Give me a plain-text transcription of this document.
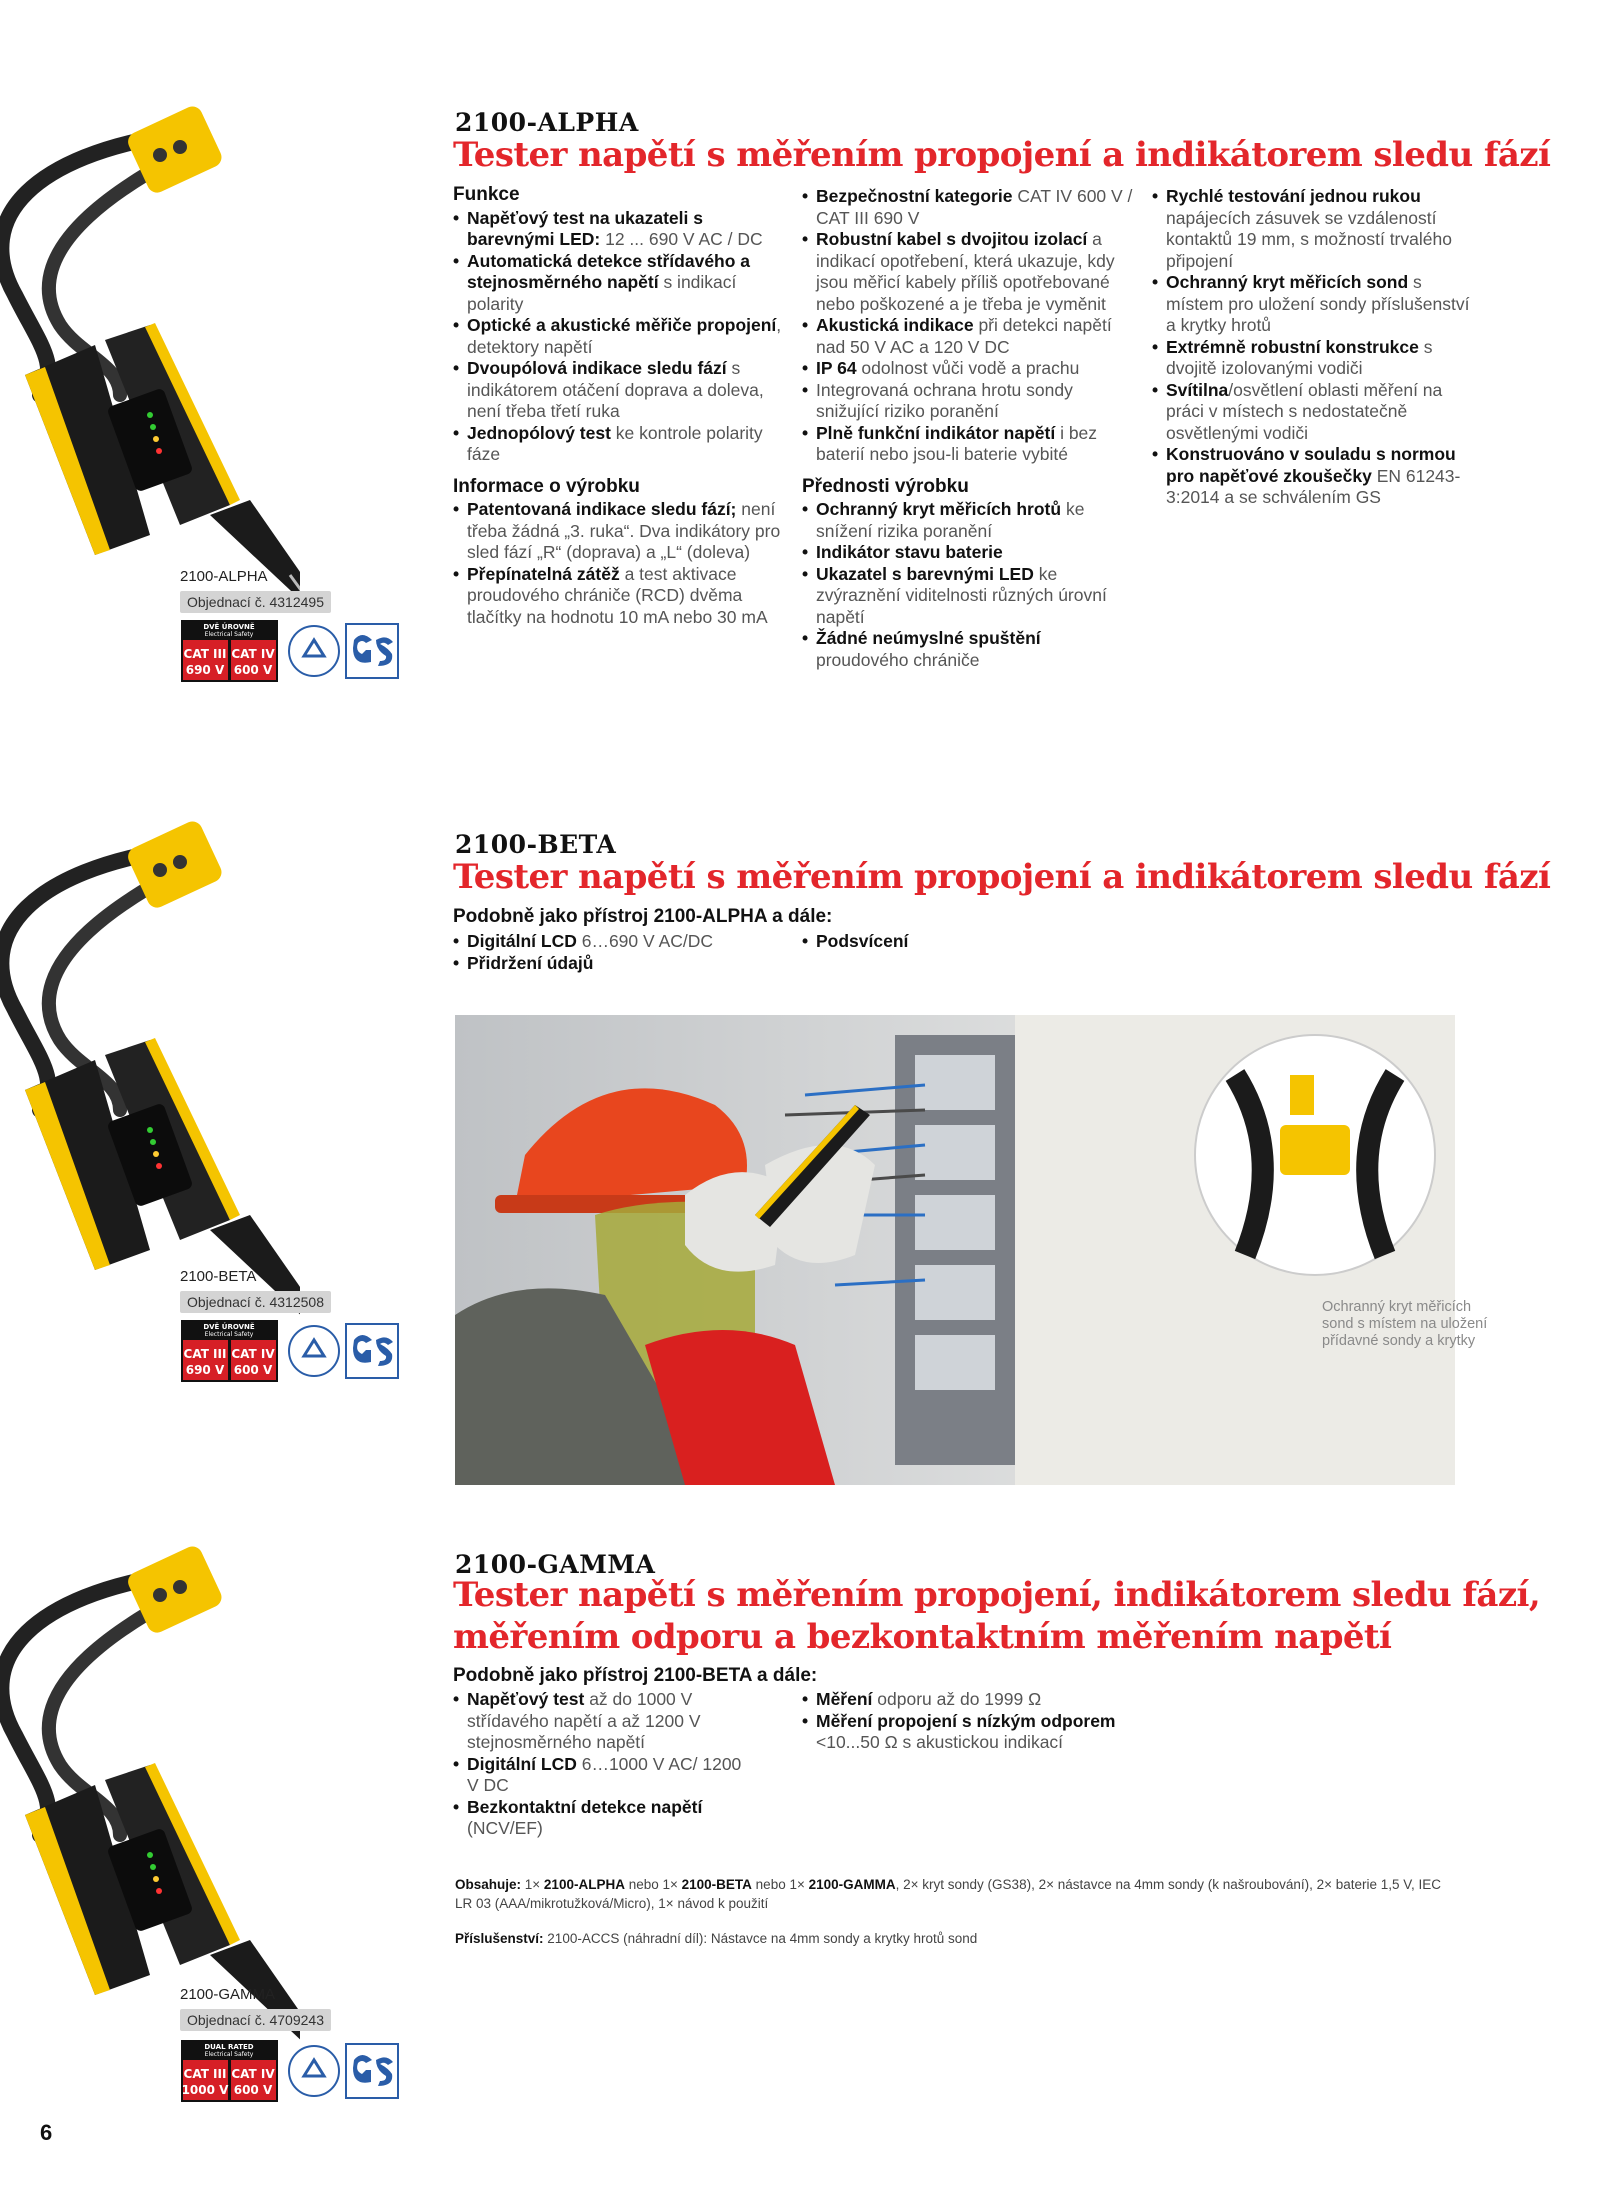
2100-ALPHA
Objednací č. 4312495
DVĚ ÚROVNĚ
Electrical Safety
CAT III
690 V
CAT IV
600 V
2100-ALPHA
Tester napětí s měřením propojení a indikátorem sledu fází
Funkce
• Napěťový test na ukazateli s barevnými LED: 12 ... 690 V AC / DC
• Automatická detekce střídavého a stejnosměrného napětí s indikací polarity
• Optické a akustické měřiče propojení, detektory napětí
• Dvoupólová indikace sledu fází s indikátorem otáčení doprava a doleva, není třeba třetí ruka
• Jednopólový test ke kontrole polarity fáze
Informace o výrobku
• Patentovaná indikace sledu fází; není třeba žádná „3. ruka“. Dva indikátory pro sled fází „R“ (doprava) a „L“ (doleva)
• Přepínatelná zátěž a test aktivace proudového chrániče (RCD) dvěma tlačítky na hodnotu 10 mA nebo 30 mA
• Bezpečnostní kategorie CAT IV 600 V / CAT III 690 V
• Robustní kabel s dvojitou izolací a indikací opotřebení, která ukazuje, kdy jsou měřicí kabely příliš opotřebované nebo poškozené a je třeba je vyměnit
• Akustická indikace při detekci napětí nad 50 V AC a 120 V DC
• IP 64 odolnost vůči vodě a prachu
• Integrovaná ochrana hrotu sondy snižující riziko poranění
• Plně funkční indikátor napětí i bez baterií nebo jsou-li baterie vybité
Přednosti výrobku
• Ochranný kryt měřicích hrotů ke snížení rizika poranění
• Indikátor stavu baterie
• Ukazatel s barevnými LED ke zvýraznění viditelnosti různých úrovní napětí
• Žádné neúmyslné spuštění proudového chrániče
• Rychlé testování jednou rukou napájecích zásuvek se vzdáleností kontaktů 19 mm, s možností trvalého připojení
• Ochranný kryt měřicích sond s místem pro uložení sondy příslušenství a krytky hrotů
• Extrémně robustní konstrukce s dvojitě izolovanými vodiči
• Svítilna/osvětlení oblasti měření na práci v místech s nedostatečně osvětlenými vodiči
• Konstruováno v souladu s normou pro napěťové zkoušečky EN 61243-3:2014 a se schválením GS
2100-BETA
Objednací č. 4312508
DVĚ ÚROVNĚ
Electrical Safety
CAT III
690 V
CAT IV
600 V
2100-BETA
Tester napětí s měřením propojení a indikátorem sledu fází
Podobně jako přístroj 2100-ALPHA a dále:
• Digitální LCD 6…690 V AC/DC
• Přidržení údajů
• Podsvícení
Ochranný kryt měřicích sond s místem na uložení přídavné sondy a krytky
2100-GAMMA
Objednací č. 4709243
DUAL RATED
Electrical Safety
CAT III
1000 V
CAT IV
600 V
2100-GAMMA
Tester napětí s měřením propojení, indikátorem sledu fází,
měřením odporu a bezkontaktním měřením napětí
Podobně jako přístroj 2100-BETA a dále:
• Napěťový test až do 1000 V střídavého napětí a až 1200 V stejnosměrného napětí
• Digitální LCD 6…1000 V AC/ 1200 V DC
• Bezkontaktní detekce napětí (NCV/EF)
• Měření odporu až do 1999 Ω
• Měření propojení s nízkým odporem <10...50 Ω s akustickou indikací
Obsahuje: 1× 2100-ALPHA nebo 1× 2100-BETA nebo 1× 2100-GAMMA, 2× kryt sondy (GS38), 2× nástavce na 4mm sondy (k našroubování), 2× baterie 1,5 V, IEC LR 03 (AAA/mikrotužková/Micro), 1× návod k použití
Příslušenství: 2100-ACCS (náhradní díl): Nástavce na 4mm sondy a krytky hrotů sond
6
